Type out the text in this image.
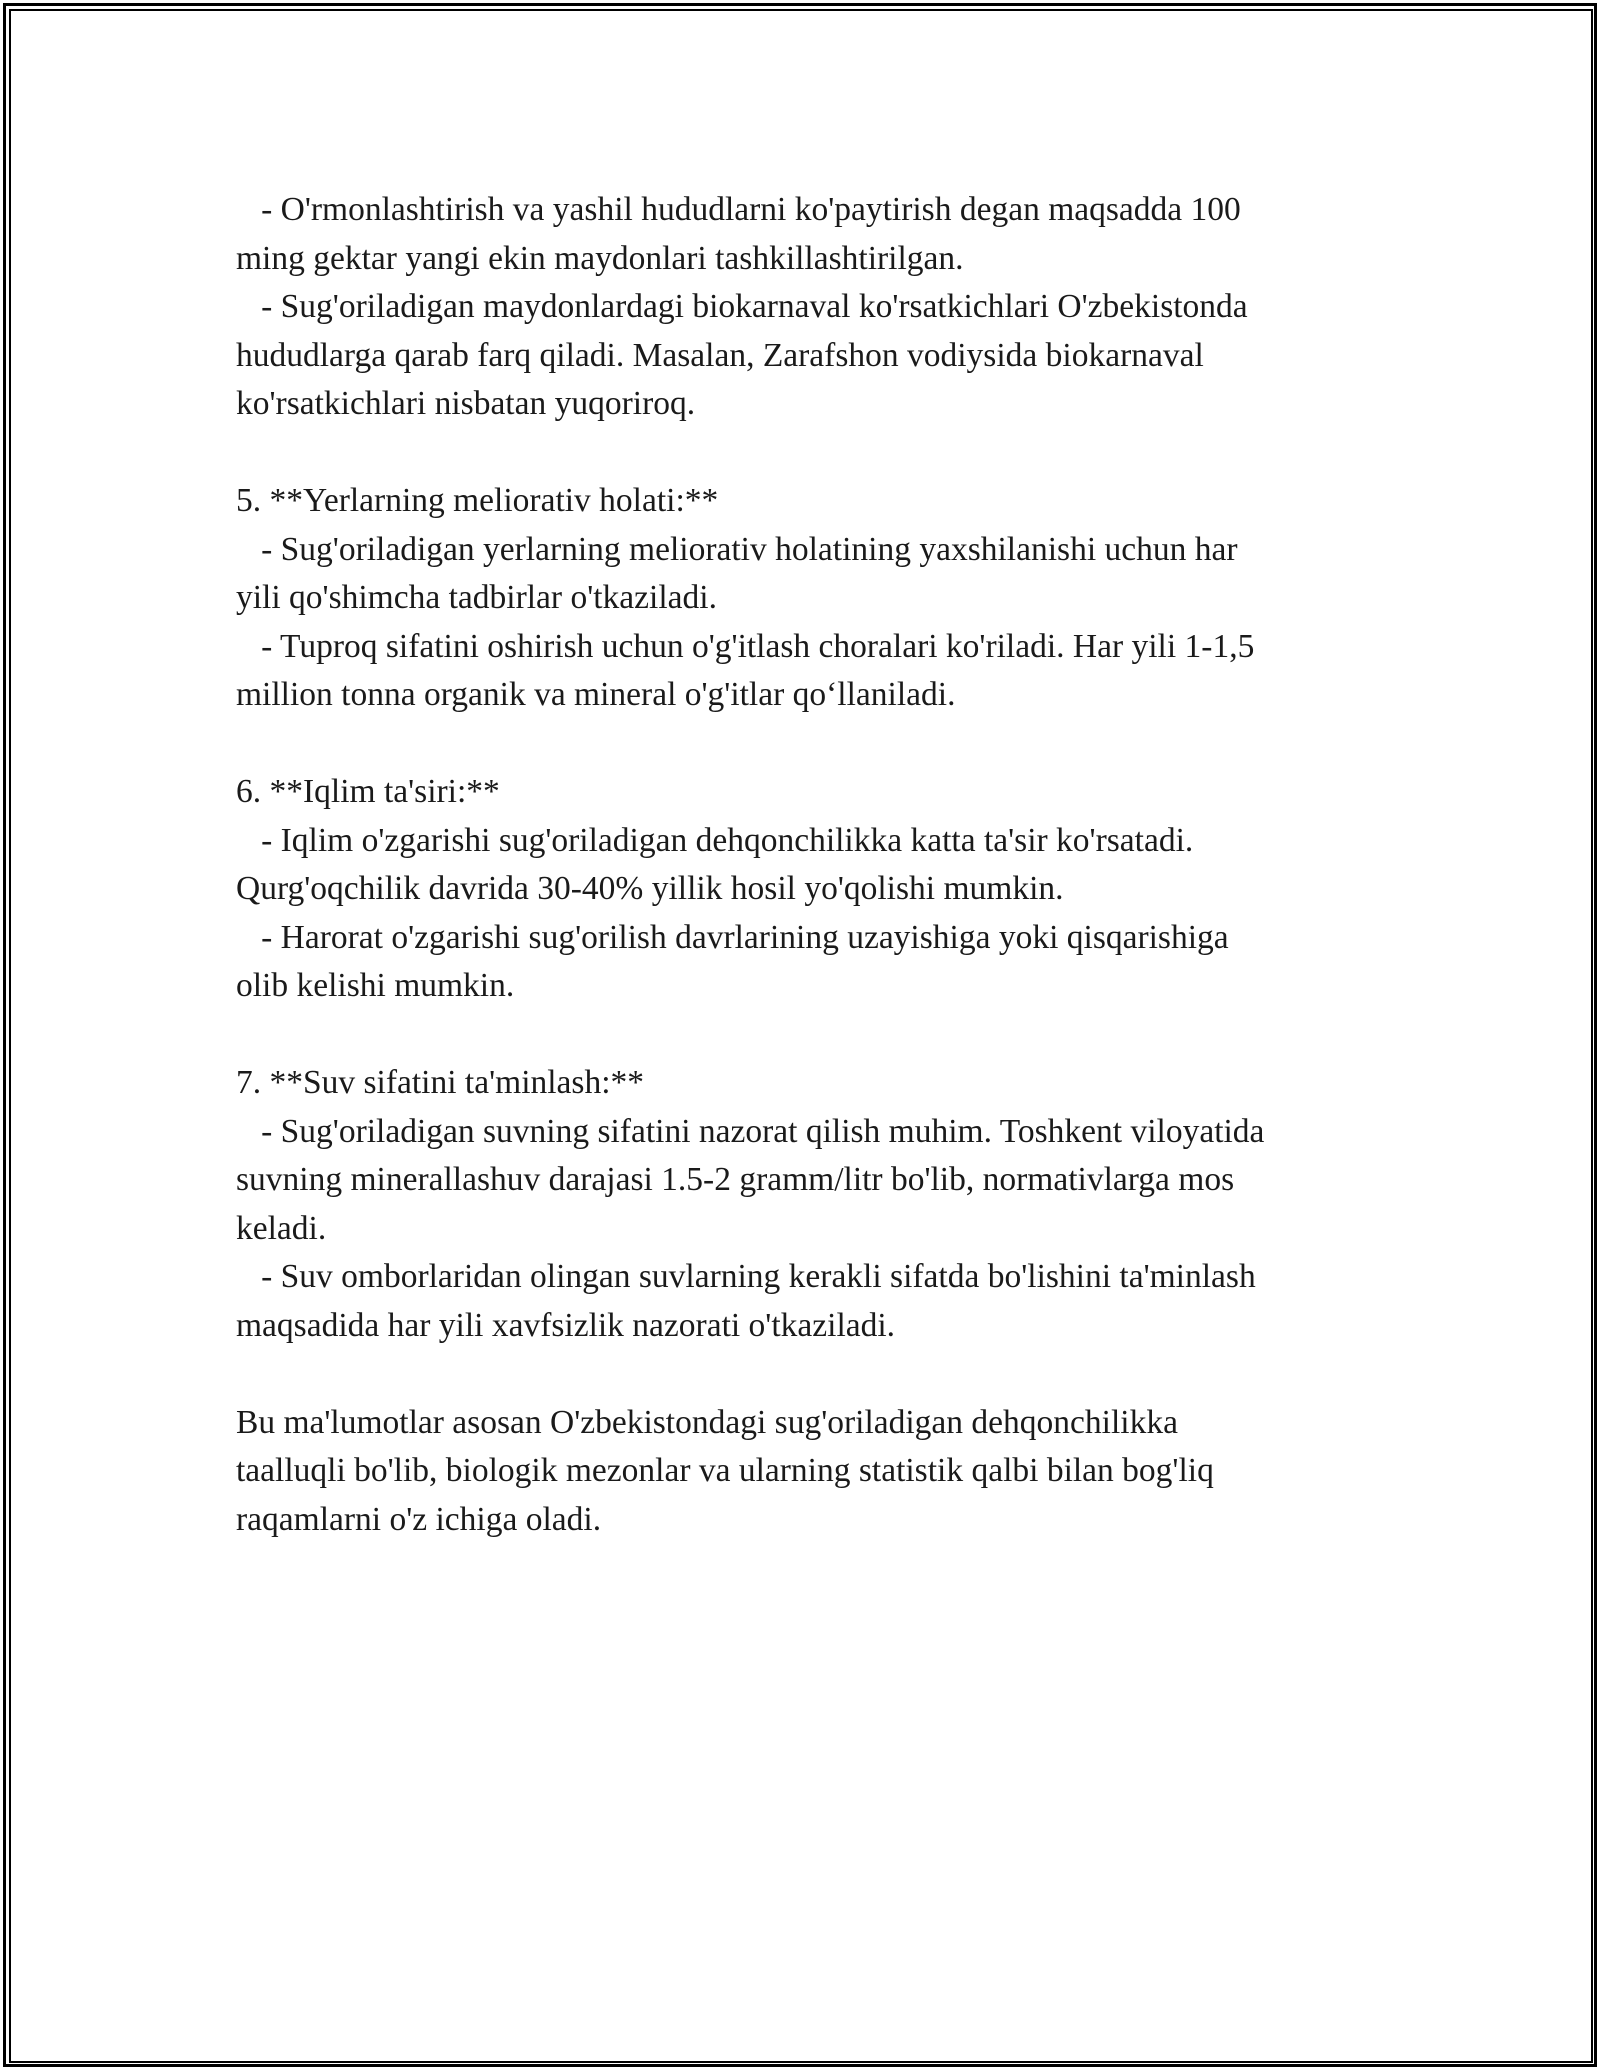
- O'rmonlashtirish va yashil hududlarni ko'paytirish degan maqsadda 100
ming gektar yangi ekin maydonlari tashkillashtirilgan.
- Sug'oriladigan maydonlardagi biokarnaval ko'rsatkichlari O'zbekistonda
hududlarga qarab farq qiladi. Masalan, Zarafshon vodiysida biokarnaval
ko'rsatkichlari nisbatan yuqoriroq.
5. **Yerlarning meliorativ holati:**
- Sug'oriladigan yerlarning meliorativ holatining yaxshilanishi uchun har
yili qo'shimcha tadbirlar o'tkaziladi.
- Tuproq sifatini oshirish uchun o'g'itlash choralari ko'riladi. Har yili 1-1,5
million tonna organik va mineral o'g'itlar qo‘llaniladi.
6. **Iqlim ta'siri:**
- Iqlim o'zgarishi sug'oriladigan dehqonchilikka katta ta'sir ko'rsatadi.
Qurg'oqchilik davrida 30-40% yillik hosil yo'qolishi mumkin.
- Harorat o'zgarishi sug'orilish davrlarining uzayishiga yoki qisqarishiga
olib kelishi mumkin.
7. **Suv sifatini ta'minlash:**
- Sug'oriladigan suvning sifatini nazorat qilish muhim. Toshkent viloyatida
suvning minerallashuv darajasi 1.5-2 gramm/litr bo'lib, normativlarga mos
keladi.
- Suv omborlaridan olingan suvlarning kerakli sifatda bo'lishini ta'minlash
maqsadida har yili xavfsizlik nazorati o'tkaziladi.
Bu ma'lumotlar asosan O'zbekistondagi sug'oriladigan dehqonchilikka
taalluqli bo'lib, biologik mezonlar va ularning statistik qalbi bilan bog'liq
raqamlarni o'z ichiga oladi.
